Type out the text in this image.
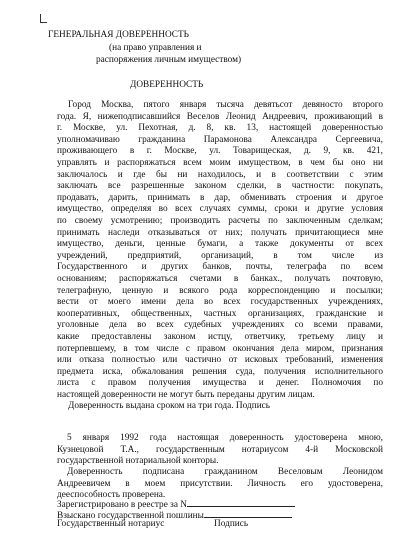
ГЕНЕРАЛЬНАЯ ДОВЕРЕННОСТЬ
(на право управления и
распоряжения личным имуществом)
ДОВЕРЕННОСТЬ
Город Москва, пятого января тысяча девятьсот девяносто второго
года. Я, нижеподписавшийся Веселов Леонид Андреевич, проживающий в
г. Москве, ул. Пехотная, д. 8, кв. 13, настоящей доверенностью
уполномачиваю гражданина Парамонова Александра Сергеевича,
проживающего в г. Москве, ул. Товарищеская, д. 9, кв. 421,
управлять и распоряжаться всем моим имуществом, в чем бы оно ни
заключалось и где бы ни находилось, и в соответствии с этим
заключать все разрешенные законом сделки, в частности: покупать,
продавать, дарить, принимать в дар, обменивать строения и другое
имущество, определяя во всех случаях суммы, сроки и другие условия
по своему усмотрению; производить расчеты по заключенным сделкам;
принимать наследи отказываться от них; получать причитающиеся мне
имущество, деньги, ценные бумаги, а также документы от всех
учреждений, предприятий, организаций, в том числе из
Государственного и других банков, почты, телеграфа по всем
основаниям; распоряжаться счетами в банках., получать почтовую,
телеграфную, ценную и всякого рода корреспонденцию и посылки;
вести от моего имени дела во всех государственных учреждениях,
кооперативных, общественных, частных организациях, гражданские и
уголовные дела во всех судебных учреждениях со всеми правами,
какие предоставлены законом истцу, ответчику, третьему лицу и
потерпевшему, в том числе с правом окончания дела миром, признания
или отказа полностью или частично от исковых требований, изменения
предмета иска, обжалования решения суда, получения исполнительного
листа с правом получения имущества и денег. Полномочия по
настоящей доверенности не могут быть переданы другим лицам.
Доверенность выдана сроком на три года. Подпись
5 января 1992 года настоящая доверенность удостоверена мною,
Кузнецовой Т.А., государственным нотариусом 4-й Московской
государственной нотариальной конторы.
Доверенность подписана гражданином Веселовым Леонидом
Андреевичем в моем присутствии. Личность его удостоверена,
дееспособность проверена.
Зарегистрировано в реестре за N
Взыскано государственной пошлины
Государственный нотариус	Подпись
